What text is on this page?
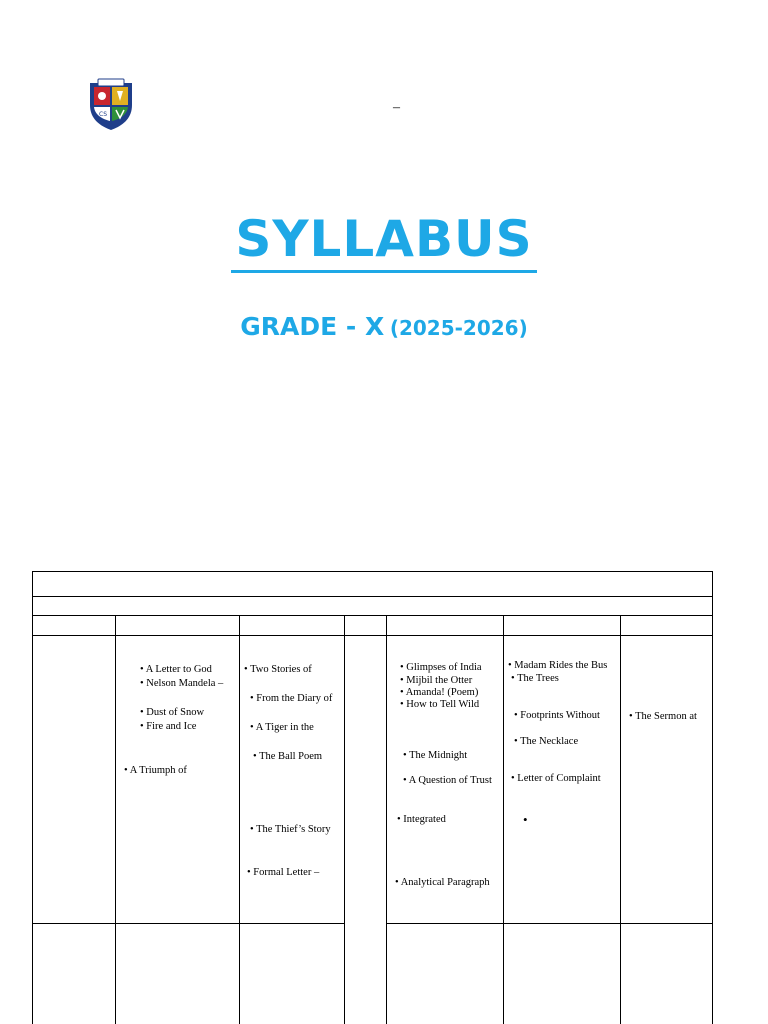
CS	–
SYLLABUS
GRADE - X (2025-2026)
• A Triumph of
• A Letter to God
• Nelson Mandela –
• Dust of Snow
• Fire and Ice
• Two Stories of
• From the Diary of
• A Tiger in the
• The Ball Poem
• The Thief’s Story
• Formal Letter –
• Glimpses of India
• Mijbil the Otter
• Amanda! (Poem)
• How to Tell Wild
• The Midnight
• A Question of Trust
• Integrated
• Analytical Paragraph
• Madam Rides the Bus
• The Trees
• Footprints Without
• The Necklace
• Letter of Complaint
•
• The Sermon at
